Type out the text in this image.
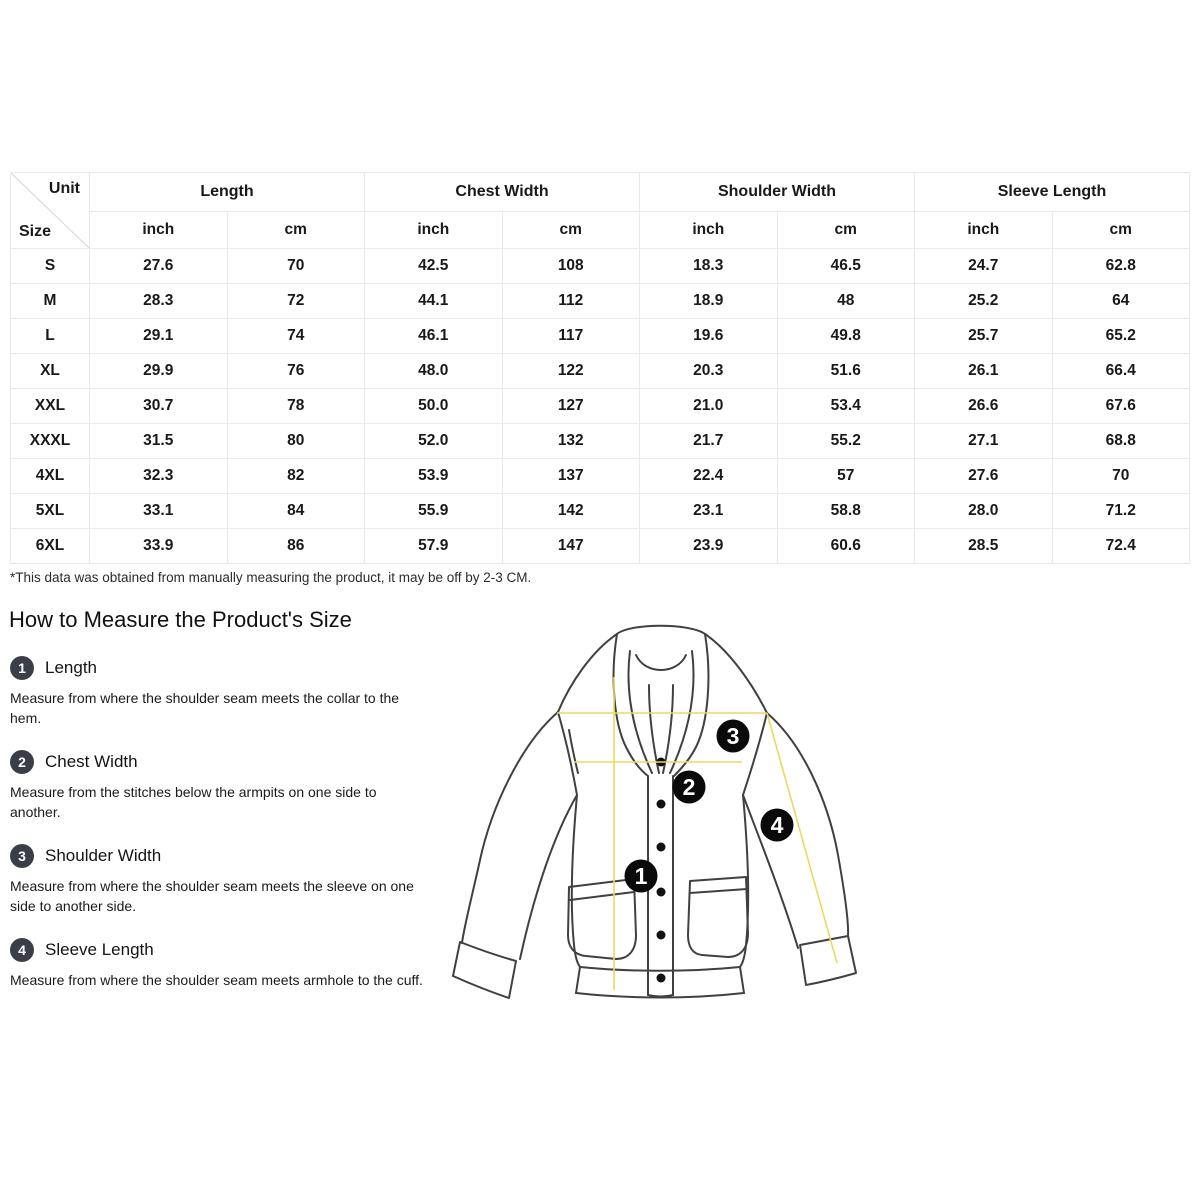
Unit
Size	Length		Chest Width		Shoulder Width		Sleeve Length	
	inch	cm	inch	cm	inch	cm	inch	cm
S	27.6	70	42.5	108	18.3	46.5	24.7	62.8
M	28.3	72	44.1	112	18.9	48	25.2	64
L	29.1	74	46.1	117	19.6	49.8	25.7	65.2
XL	29.9	76	48.0	122	20.3	51.6	26.1	66.4
XXL	30.7	78	50.0	127	21.0	53.4	26.6	67.6
XXXL	31.5	80	52.0	132	21.7	55.2	27.1	68.8
4XL	32.3	82	53.9	137	22.4	57	27.6	70
5XL	33.1	84	55.9	142	23.1	58.8	28.0	71.2
6XL	33.9	86	57.9	147	23.9	60.6	28.5	72.4
*This data was obtained from manually measuring the product, it may be off by 2-3 CM.
How to Measure the Product's Size
1	Length

Measure from where the shoulder seam meets the collar to the hem.

2	Chest Width

Measure from the stitches below the armpits on one side to another.

3	Shoulder Width

Measure from where the shoulder seam meets the sleeve on one side to another side.

4	Sleeve Length

Measure from where the shoulder seam meets armhole to the cuff.

1
2
3
4
